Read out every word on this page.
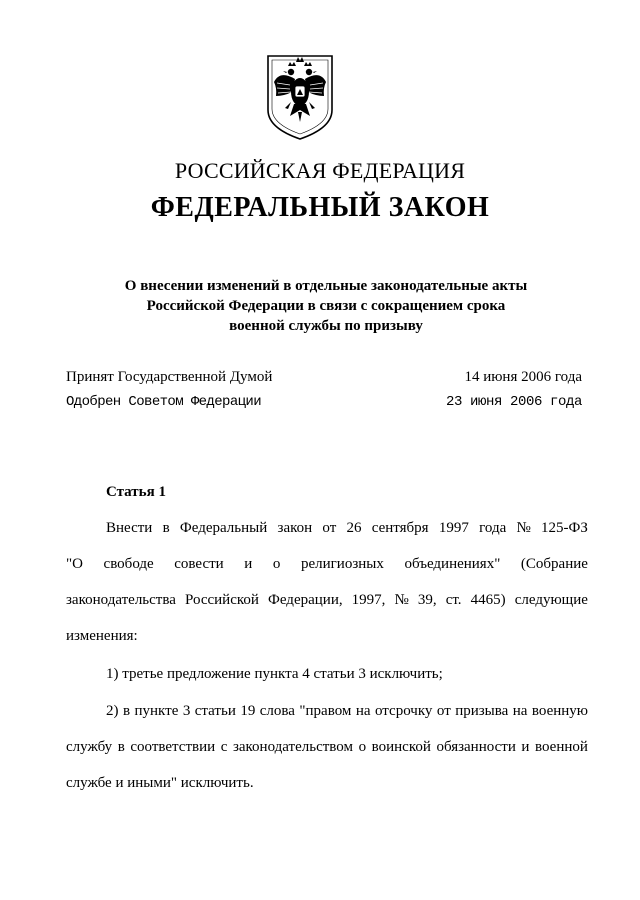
РОССИЙСКАЯ ФЕДЕРАЦИЯ
ФЕДЕРАЛЬНЫЙ ЗАКОН
О внесении изменений в отдельные законодательные акты
Российской Федерации в связи с сокращением срока
военной службы по призыву
Принят Государственной Думой	14 июня 2006 года
Одобрен Советом Федерации	23 июня 2006 года
Статья 1
Внести в Федеральный закон от 26 сентября 1997 года № 125-ФЗ
"О свободе совести и о религиозных объединениях" (Собрание
законодательства Российской Федерации, 1997, № 39, ст. 4465) следующие
изменения:
1) третье предложение пункта 4 статьи 3 исключить;
2) в пункте 3 статьи 19 слова "правом на отсрочку от призыва на военную
службу в соответствии с законодательством о воинской обязанности и военной
службе и иными" исключить.
